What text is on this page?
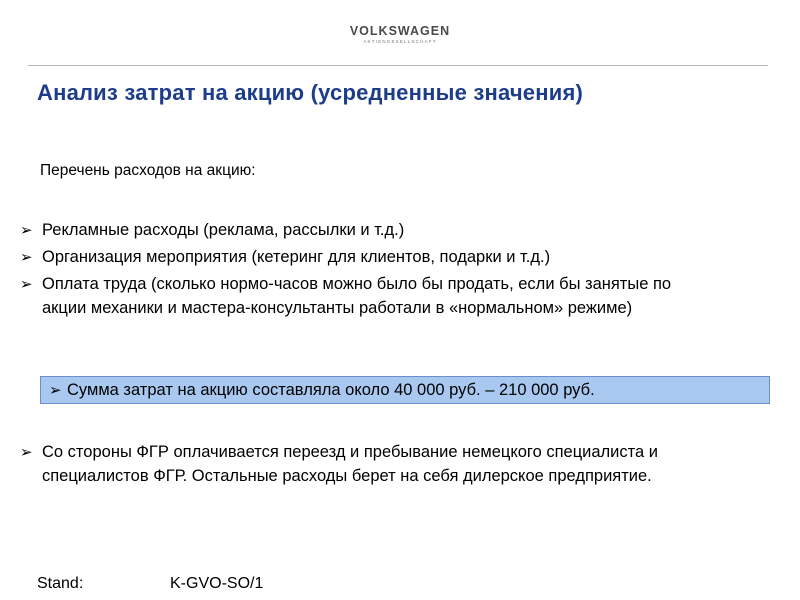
VOLKSWAGEN
AKTIENGESELLSCHAFT
Анализ затрат на акцию (усредненные значения)
Перечень расходов на акцию:
➢ Рекламные расходы (реклама, рассылки и т.д.)
➢ Организация мероприятия (кетеринг для клиентов, подарки и т.д.)
➢ Оплата труда (сколько нормо-часов можно было бы продать, если бы занятые по акции механики и мастера-консультанты работали в «нормальном» режиме)
➢ Сумма затрат на акцию составляла около 40 000 руб. – 210 000 руб.
➢ Со стороны ФГР оплачивается переезд и пребывание немецкого специалиста и специалистов ФГР. Остальные расходы берет на себя дилерское предприятие.
Stand:	K-GVO-SO/1
